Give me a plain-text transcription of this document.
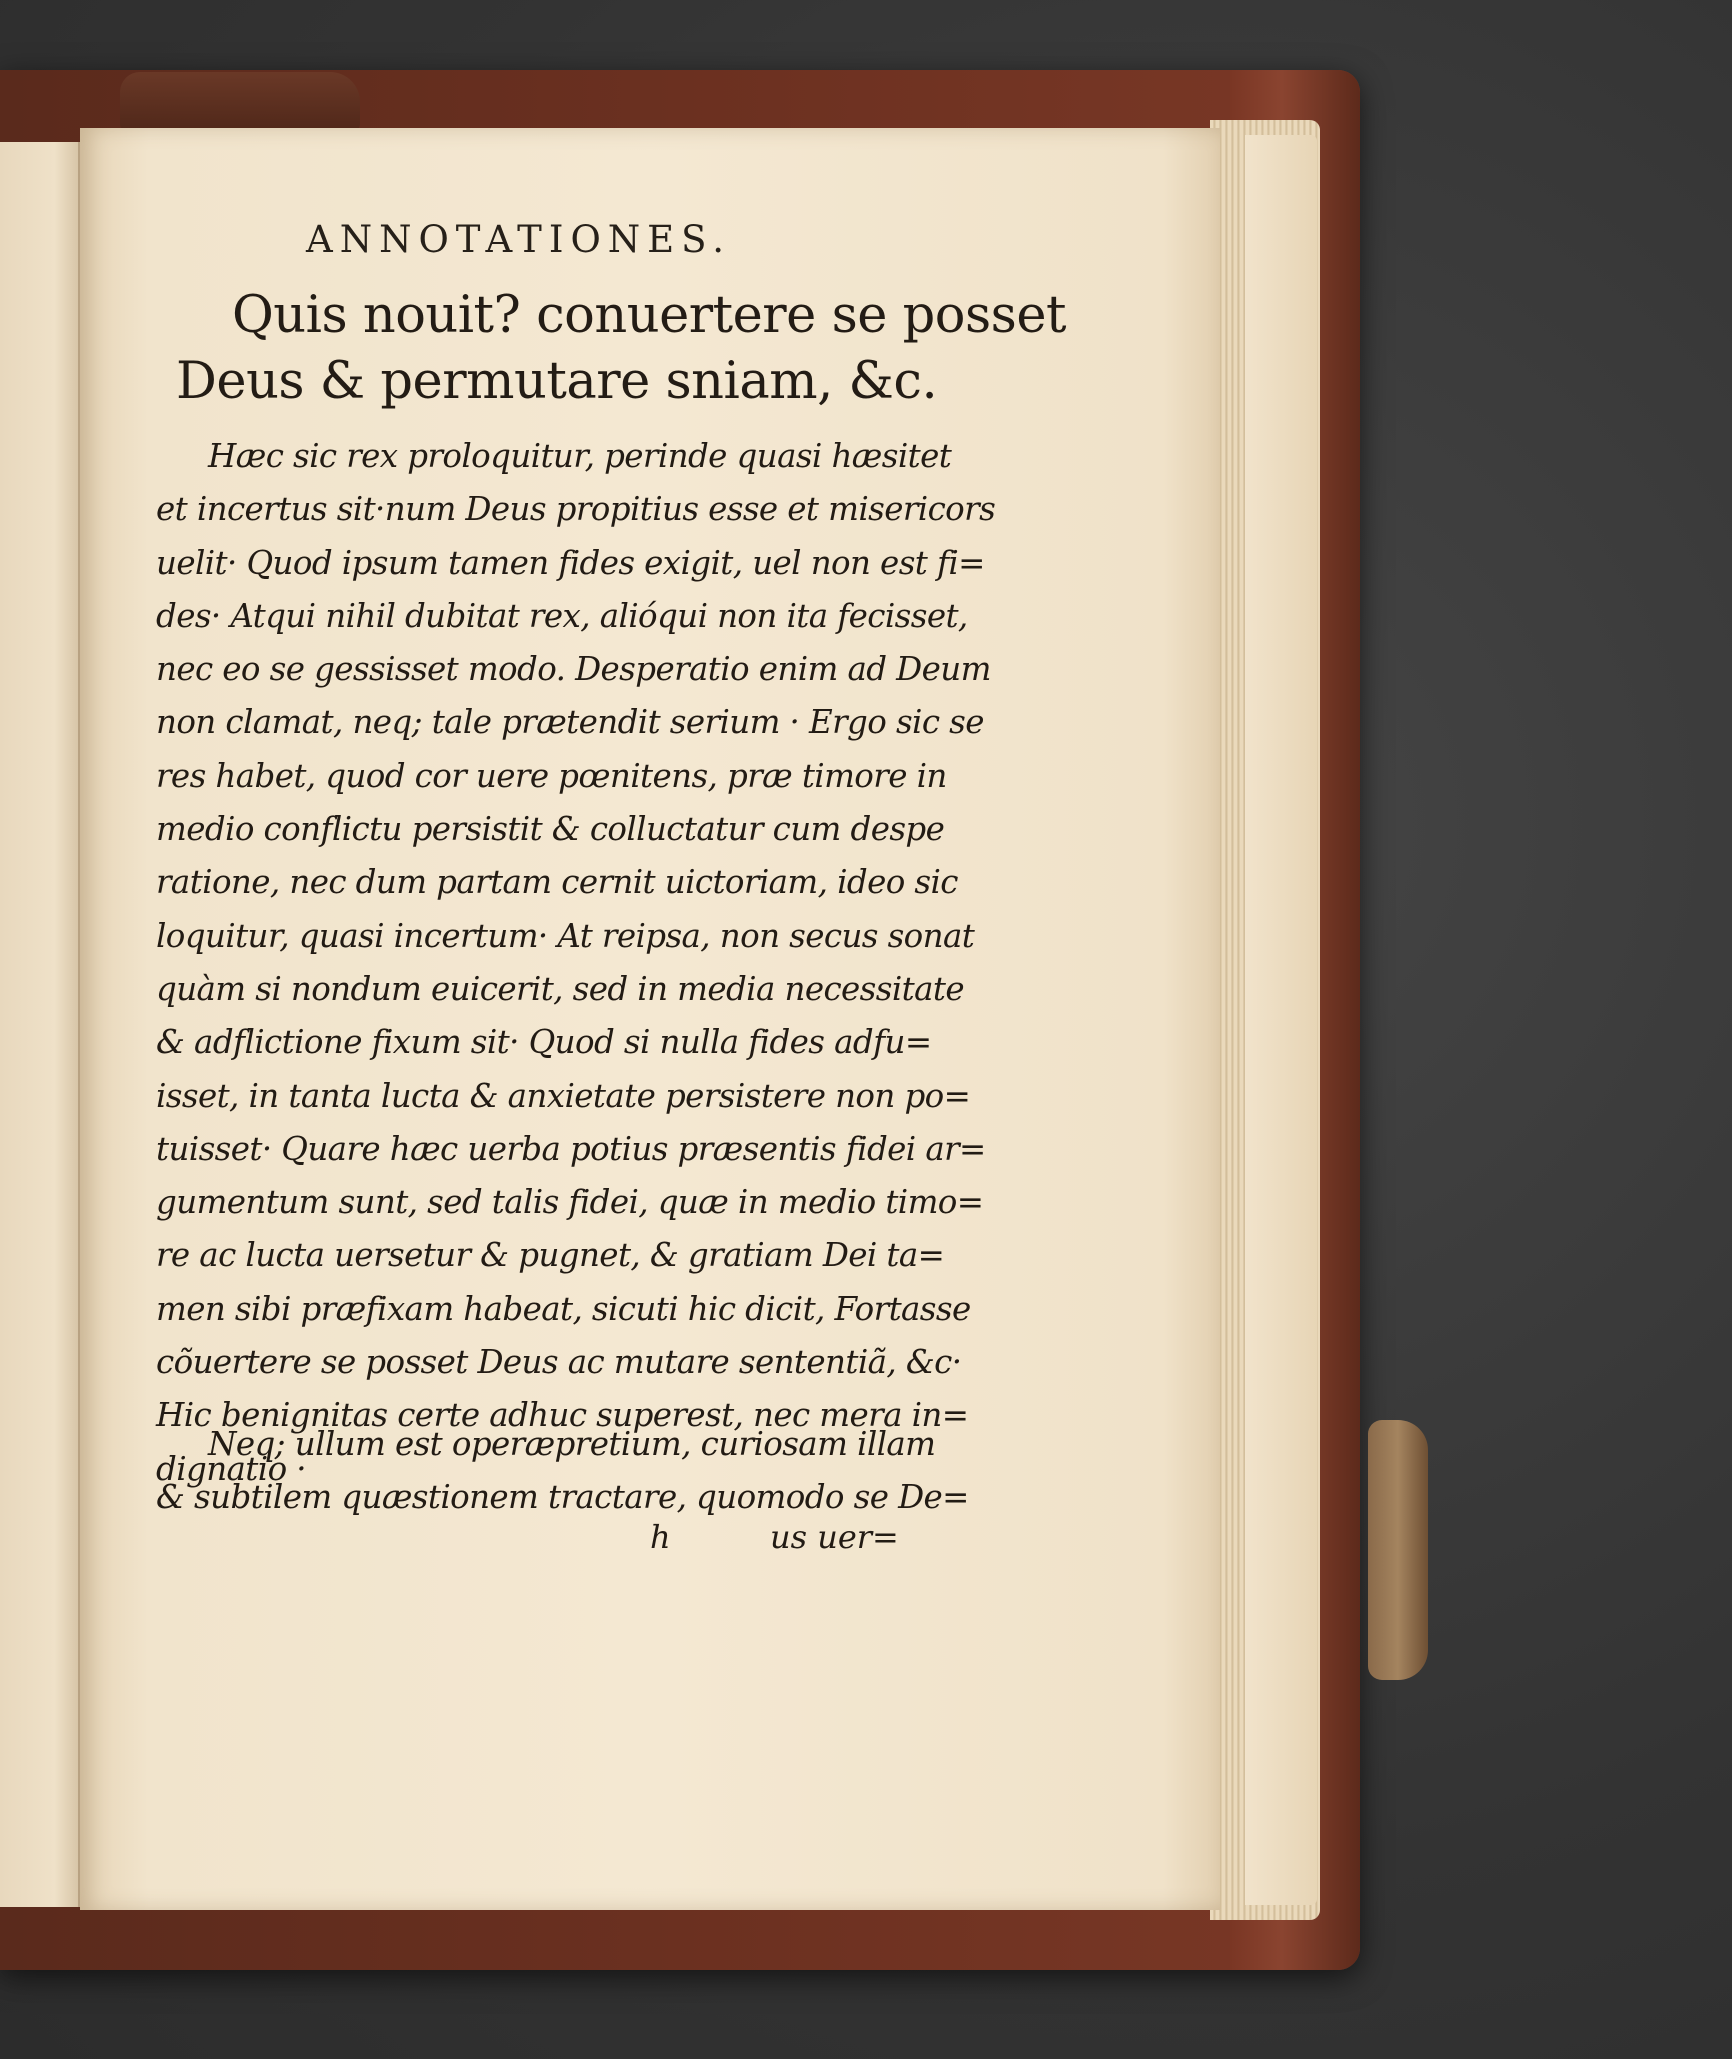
ANNOTATIONES.
Quis nouit? conuertere se posset
Deus & permutare sniam, &c.
Hæc sic rex proloquitur, perinde quasi hæsitet
et incertus sit·num Deus propitius esse et misericors
uelit· Quod ipsum tamen fides exigit, uel non est fi=
des· Atqui nihil dubitat rex, alióqui non ita fecisset,
nec eo se gessisset modo. Desperatio enim ad Deum
non clamat, neq; tale prætendit serium · Ergo sic se
res habet, quod cor uere pœnitens, præ timore in
medio conflictu persistit & colluctatur cum despe
ratione, nec dum partam cernit uictoriam, ideo sic
loquitur, quasi incertum· At reipsa, non secus sonat
quàm si nondum euicerit, sed in media necessitate
& adflictione fixum sit· Quod si nulla fides adfu=
isset, in tanta lucta & anxietate persistere non po=
tuisset· Quare hæc uerba potius præsentis fidei ar=
gumentum sunt, sed talis fidei, quæ in medio timo=
re ac lucta uersetur & pugnet, & gratiam Dei ta=
men sibi præfixam habeat, sicuti hic dicit, Fortasse
cõuertere se posset Deus ac mutare sententiã, &c·
Hic benignitas certe adhuc superest, nec mera in=
dignatio ·
Neq; ullum est operæpretium, curiosam illam
& subtilem quæstionem tractare, quomodo se De=
h	us uer=
